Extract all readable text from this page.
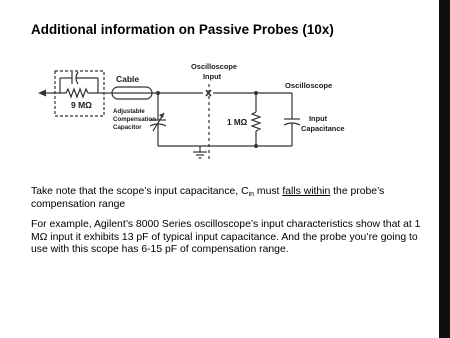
Additional information on Passive Probes (10x)
Cable
Oscilloscope
Input
Oscilloscope
9 MΩ
Adjustable
Compensation
Capacitor
1 MΩ	Input
Capacitance

Take note that the scope’s input capacitance, $C_{in}$ must falls within the probe’s compensation range

For example, Agilent’s 8000 Series oscilloscope’s input characteristics show that at 1 MΩ input it exhibits 13 pF of typical input capacitance. And the probe you’re going to use with this scope has 6-15 pF of compensation range.
